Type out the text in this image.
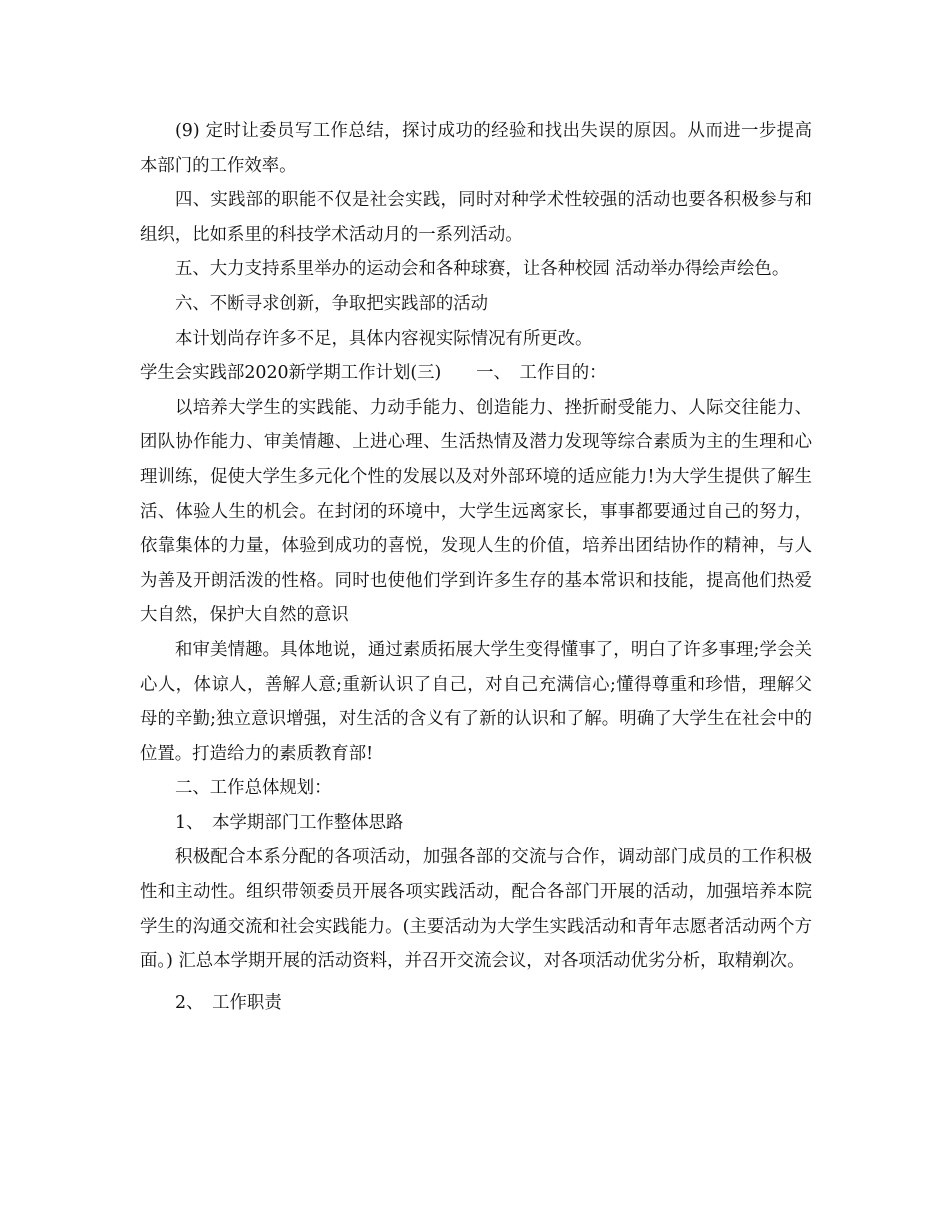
(9) 定时让委员写工作总结，探讨成功的经验和找出失误的原因。从而进一步提高本部门的工作效率。

四、实践部的职能不仅是社会实践，同时对种学术性较强的活动也要各积极参与和组织，比如系里的科技学术活动月的一系列活动。

五、大力支持系里举办的运动会和各种球赛，让各种校园 活动举办得绘声绘色。

六、不断寻求创新，争取把实践部的活动

本计划尚存许多不足，具体内容视实际情况有所更改。

学生会实践部2020新学期工作计划(三)　　一、　工作目的：

以培养大学生的实践能、力动手能力、创造能力、挫折耐受能力、人际交往能力、团队协作能力、审美情趣、上进心理、生活热情及潜力发现等综合素质为主的生理和心理训练，促使大学生多元化个性的发展以及对外部环境的适应能力!为大学生提供了解生活、体验人生的机会。在封闭的环境中，大学生远离家长，事事都要通过自己的努力，依靠集体的力量，体验到成功的喜悦，发现人生的价值，培养出团结协作的精神，与人为善及开朗活泼的性格。同时也使他们学到许多生存的基本常识和技能，提高他们热爱大自然，保护大自然的意识

和审美情趣。具体地说，通过素质拓展大学生变得懂事了，明白了许多事理;学会关心人，体谅人，善解人意;重新认识了自己，对自己充满信心;懂得尊重和珍惜，理解父母的辛勤;独立意识增强，对生活的含义有了新的认识和了解。明确了大学生在社会中的位置。打造给力的素质教育部!

二、工作总体规划：

1、　本学期部门工作整体思路

积极配合本系分配的各项活动，加强各部的交流与合作，调动部门成员的工作积极性和主动性。组织带领委员开展各项实践活动，配合各部门开展的活动，加强培养本院学生的沟通交流和社会实践能力。(主要活动为大学生实践活动和青年志愿者活动两个方面。) 汇总本学期开展的活动资料，并召开交流会议，对各项活动优劣分析，取精剃次。

2、　工作职责
